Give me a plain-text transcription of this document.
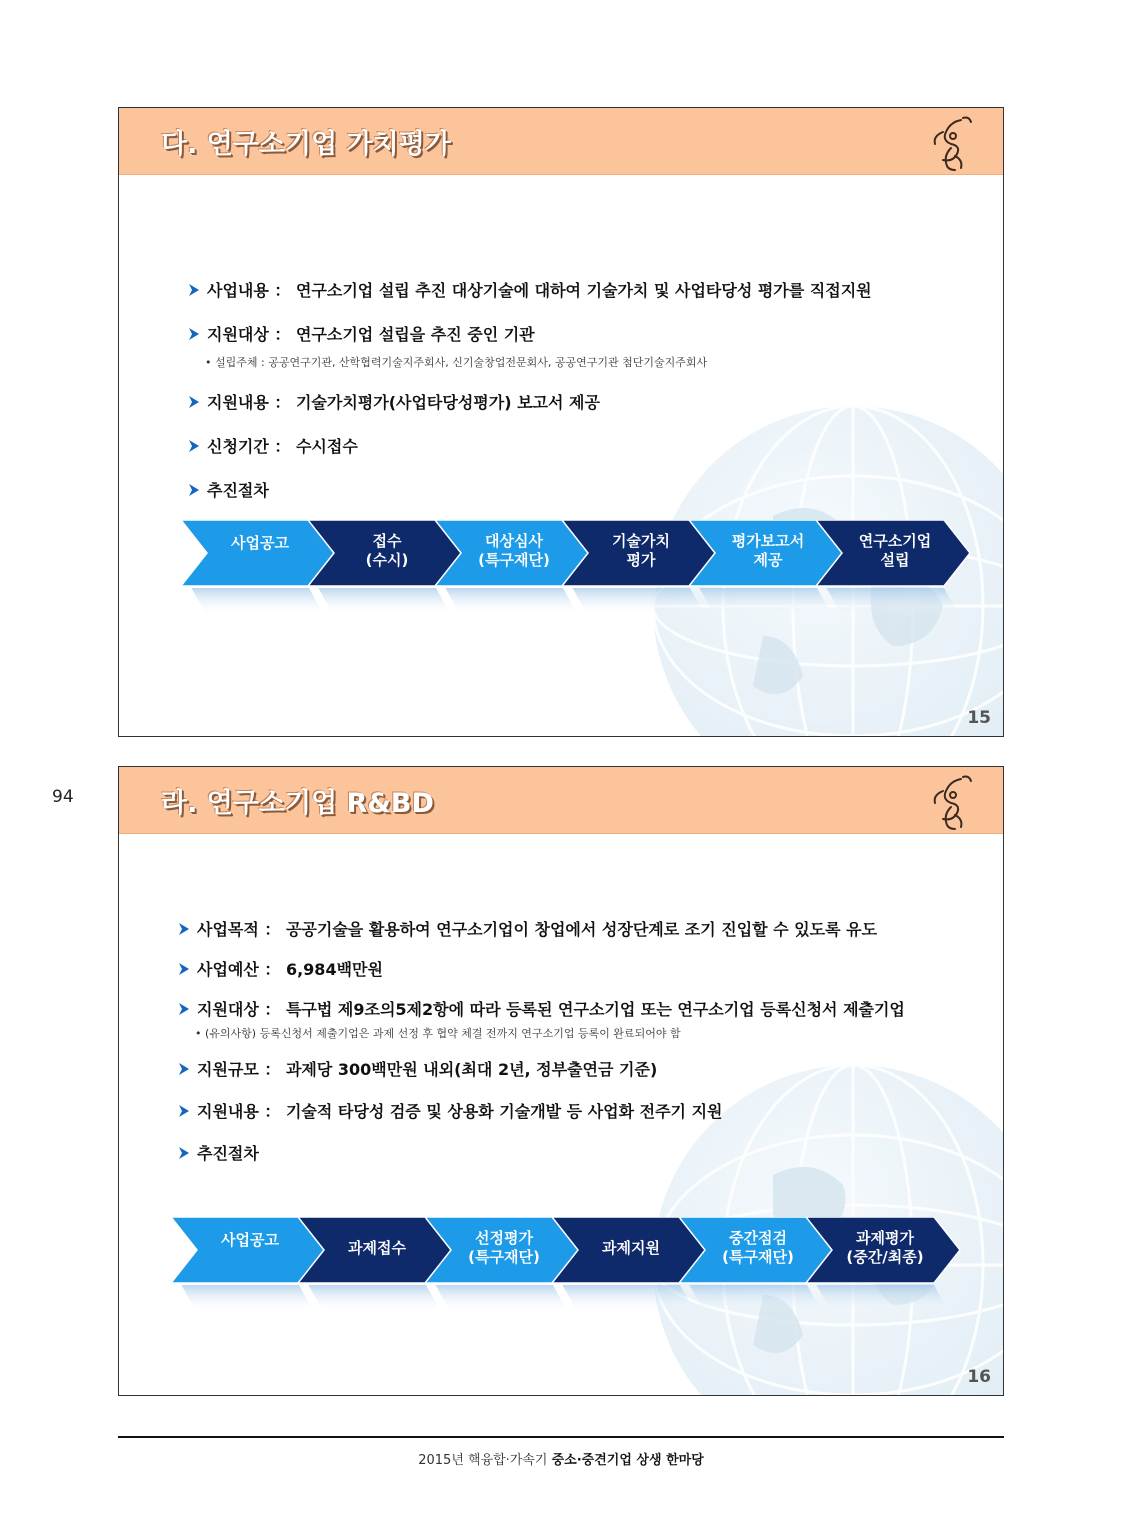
다. 연구소기업 가치평가
사업내용 ： 연구소기업 설립 추진 대상기술에 대하여 기술가치 및 사업타당성 평가를 직접지원
지원대상 ： 연구소기업 설립을 추진 중인 기관
• 설립주체 : 공공연구기관, 산학협력기술지주회사, 신기술창업전문회사, 공공연구기관 첨단기술지주회사
지원내용 ： 기술가치평가(사업타당성평가) 보고서 제공
신청기간 ： 수시접수
추진절차
사업공고	접수
(수시)
대상심사
(특구재단)
기술가치
평가
평가보고서
제공
연구소기업
설립
15
라. 연구소기업 R&BD
사업목적 ： 공공기술을 활용하여 연구소기업이 창업에서 성장단계로 조기 진입할 수 있도록 유도
사업예산 ： 6,984백만원
지원대상 ： 특구법 제9조의5제2항에 따라 등록된 연구소기업 또는 연구소기업 등록신청서 제출기업
• (유의사항) 등록신청서 제출기업은 과제 선정 후 협약 체결 전까지 연구소기업 등록이 완료되어야 함
지원규모 ： 과제당 300백만원 내외(최대 2년, 정부출연금 기준)
지원내용 ： 기술적 타당성 검증 및 상용화 기술개발 등 사업화 전주기 지원
추진절차
사업공고	과제접수
선정평가
(특구재단)	과제지원
중간점검
(특구재단)
과제평가
(중간/최종)
16
94
2015년 핵융합·가속기 중소·중견기업 상생 한마당
